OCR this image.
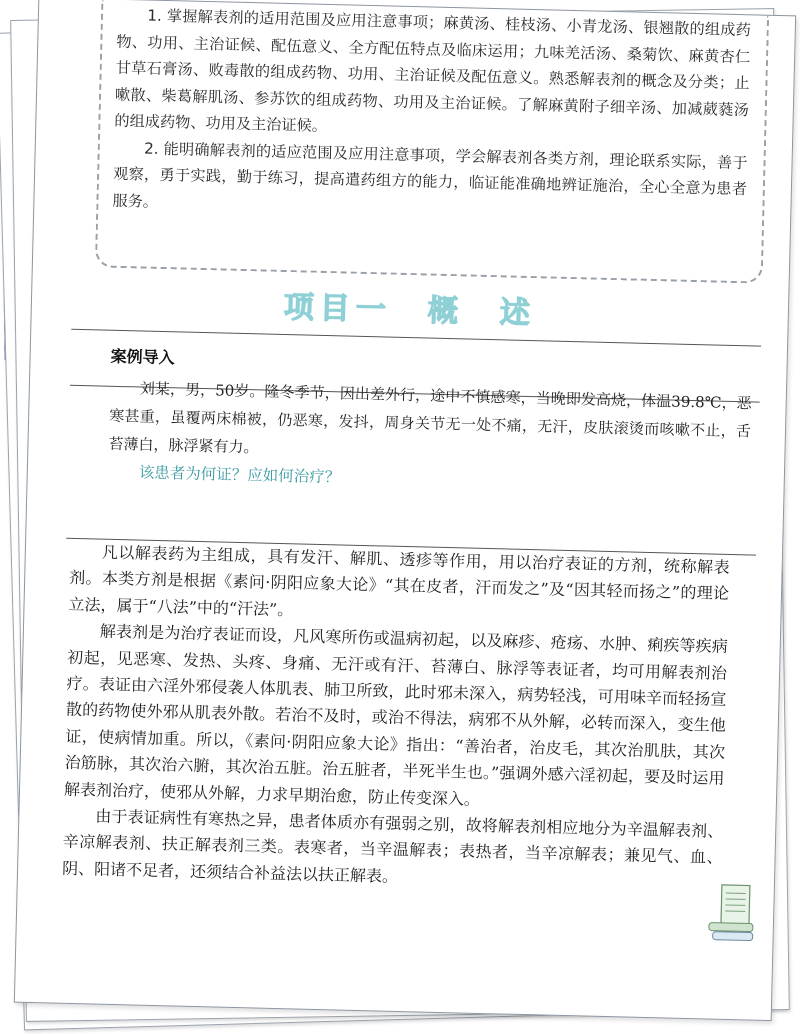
1. 掌握解表剂的适用范围及应用注意事项；麻黄汤、桂枝汤、小青龙汤、银翘散的组成药物、功用、主治证候、配伍意义、全方配伍特点及临床运用；九味羌活汤、桑菊饮、麻黄杏仁甘草石膏汤、败毒散的组成药物、功用、主治证候及配伍意义。熟悉解表剂的概念及分类；止嗽散、柴葛解肌汤、参苏饮的组成药物、功用及主治证候。了解麻黄附子细辛汤、加减葳蕤汤的组成药物、功用及主治证候。

2. 能明确解表剂的适应范围及应用注意事项，学会解表剂各类方剂，理论联系实际，善于观察，勇于实践，勤于练习，提高遣药组方的能力，临证能准确地辨证施治，全心全意为患者服务。

项目一　概　述
案例导入
刘某，男，50岁。隆冬季节，因出差外行，途中不慎感寒，当晚即发高烧，体温39.8℃，恶寒甚重，虽覆两床棉被，仍恶寒，发抖，周身关节无一处不痛，无汗，皮肤滚烫而咳嗽不止，舌苔薄白，脉浮紧有力。
该患者为何证？应如何治疗？

凡以解表药为主组成，具有发汗、解肌、透疹等作用，用以治疗表证的方剂，统称解表剂。本类方剂是根据《素问·阴阳应象大论》“其在皮者，汗而发之”及“因其轻而扬之”的理论立法，属于“八法”中的“汗法”。

解表剂是为治疗表证而设，凡风寒所伤或温病初起，以及麻疹、疮疡、水肿、痢疾等疾病初起，见恶寒、发热、头疼、身痛、无汗或有汗、苔薄白、脉浮等表证者，均可用解表剂治疗。表证由六淫外邪侵袭人体肌表、肺卫所致，此时邪未深入，病势轻浅，可用味辛而轻扬宣散的药物使外邪从肌表外散。若治不及时，或治不得法，病邪不从外解，必转而深入，变生他证，使病情加重。所以，《素问·阴阳应象大论》指出：“善治者，治皮毛，其次治肌肤，其次治筋脉，其次治六腑，其次治五脏。治五脏者，半死半生也。”强调外感六淫初起，要及时运用解表剂治疗，使邪从外解，力求早期治愈，防止传变深入。

由于表证病性有寒热之异，患者体质亦有强弱之别，故将解表剂相应地分为辛温解表剂、辛凉解表剂、扶正解表剂三类。表寒者，当辛温解表；表热者，当辛凉解表；兼见气、血、阴、阳诸不足者，还须结合补益法以扶正解表。
